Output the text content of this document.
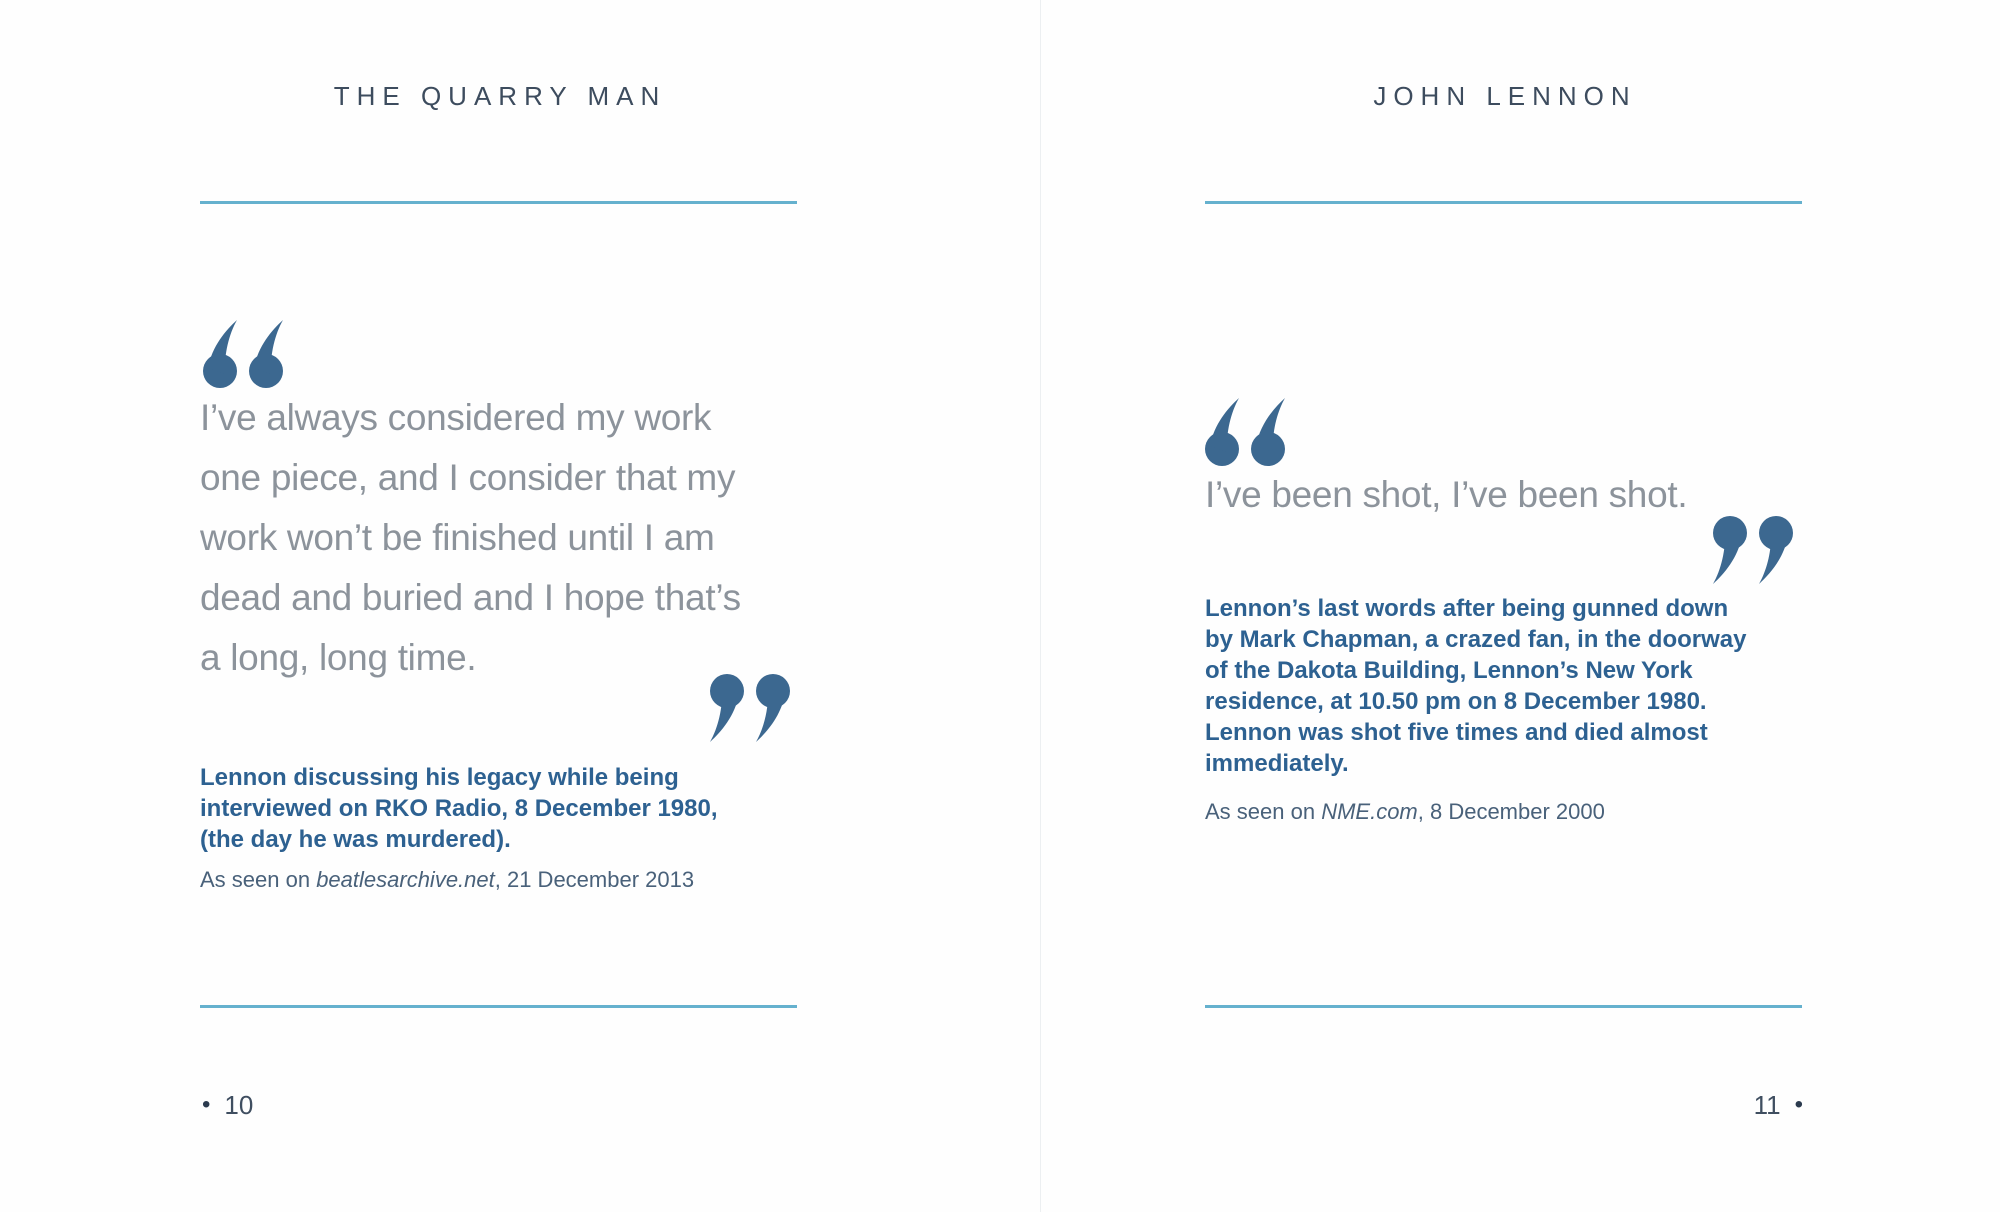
THE QUARRY MAN
I’ve always considered my work
one piece, and I consider that my
work won’t be finished until I am
dead and buried and I hope that’s
a long, long time.
Lennon discussing his legacy while being
interviewed on RKO Radio, 8 December 1980,
(the day he was murdered).
As seen on beatlesarchive.net, 21 December 2013
• 10
JOHN LENNON
I’ve been shot, I’ve been shot.
Lennon’s last words after being gunned down
by Mark Chapman, a crazed fan, in the doorway
of the Dakota Building, Lennon’s New York
residence, at 10.50 pm on 8 December 1980.
Lennon was shot five times and died almost
immediately.
As seen on NME.com, 8 December 2000
11 •
